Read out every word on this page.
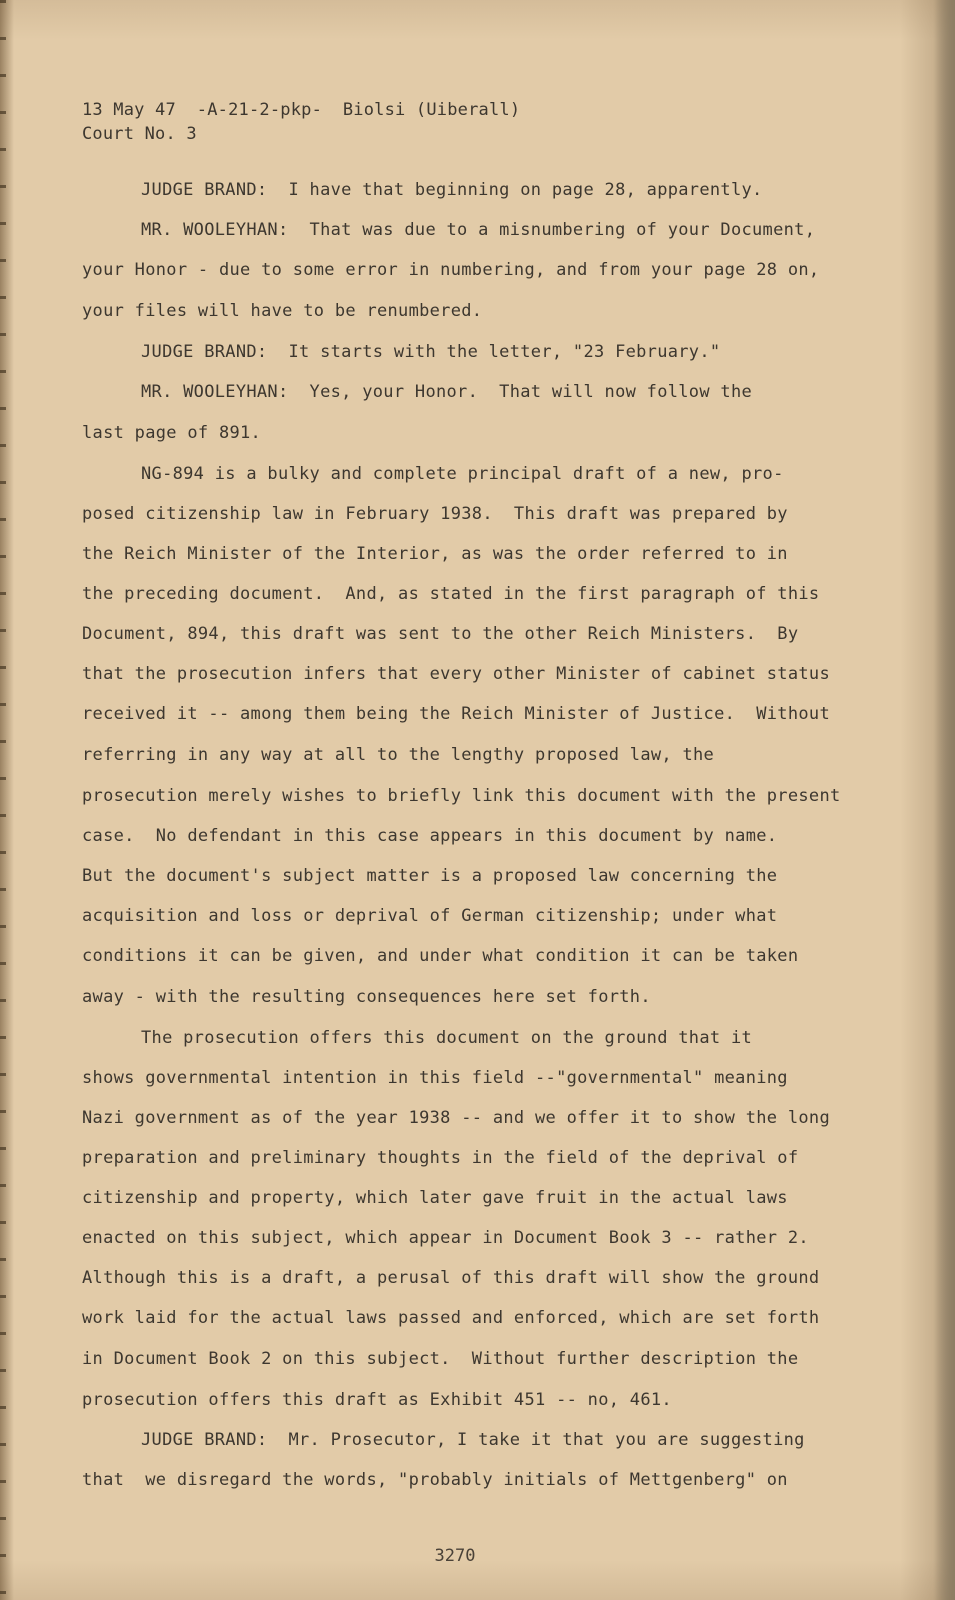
13 May 47  -A-21-2-pkp-  Biolsi (Uiberall)
Court No. 3
JUDGE BRAND:  I have that beginning on page 28, apparently.
MR. WOOLEYHAN:  That was due to a misnumbering of your Document,
your Honor - due to some error in numbering, and from your page 28 on,
your files will have to be renumbered.
JUDGE BRAND:  It starts with the letter, "23 February."
MR. WOOLEYHAN:  Yes, your Honor.  That will now follow the
last page of 891.
NG-894 is a bulky and complete principal draft of a new, pro-
posed citizenship law in February 1938.  This draft was prepared by
the Reich Minister of the Interior, as was the order referred to in
the preceding document.  And, as stated in the first paragraph of this
Document, 894, this draft was sent to the other Reich Ministers.  By
that the prosecution infers that every other Minister of cabinet status
received it -- among them being the Reich Minister of Justice.  Without
referring in any way at all to the lengthy proposed law, the
prosecution merely wishes to briefly link this document with the present
case.  No defendant in this case appears in this document by name.
But the document's subject matter is a proposed law concerning the
acquisition and loss or deprival of German citizenship; under what
conditions it can be given, and under what condition it can be taken
away - with the resulting consequences here set forth.
The prosecution offers this document on the ground that it
shows governmental intention in this field --"governmental" meaning
Nazi government as of the year 1938 -- and we offer it to show the long
preparation and preliminary thoughts in the field of the deprival of
citizenship and property, which later gave fruit in the actual laws
enacted on this subject, which appear in Document Book 3 -- rather 2.
Although this is a draft, a perusal of this draft will show the ground
work laid for the actual laws passed and enforced, which are set forth
in Document Book 2 on this subject.  Without further description the
prosecution offers this draft as Exhibit 451 -- no, 461.
JUDGE BRAND:  Mr. Prosecutor, I take it that you are suggesting
that  we disregard the words, "probably initials of Mettgenberg" on
3270
